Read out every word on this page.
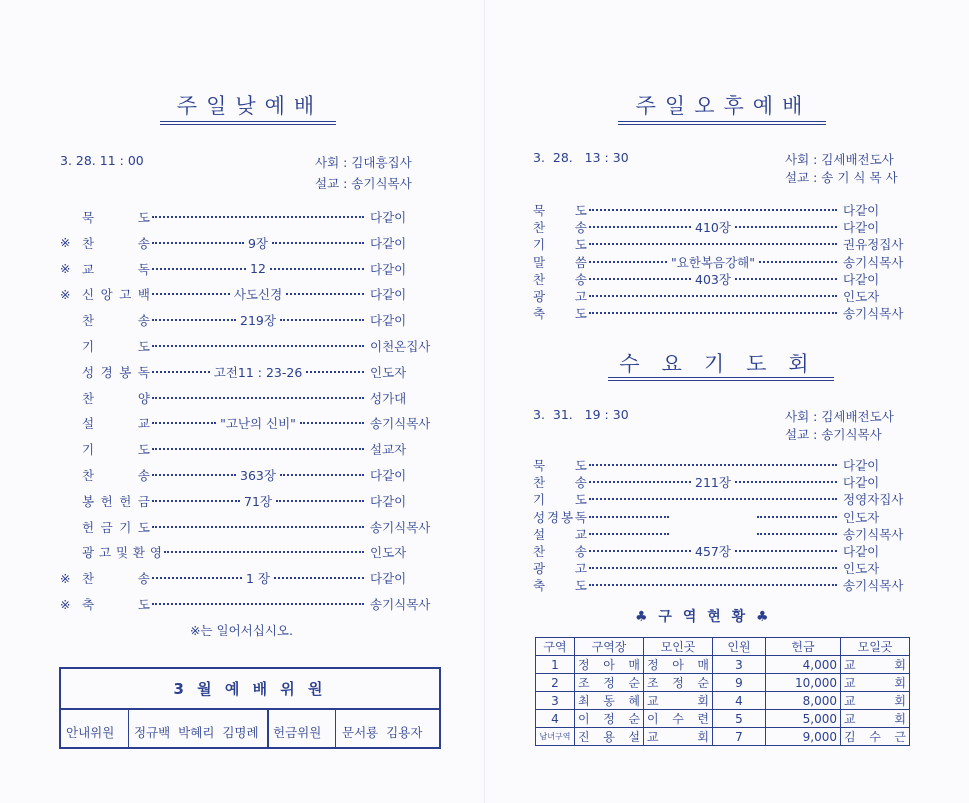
주일낮예배
3. 28. 11 : 00	사회 : 김대흥집사
설교 : 송기식목사
묵	도	다같이
※ 찬	송	9장	다같이
※ 교	독	12	다같이
※ 신 앙 고 백	사도신경	다같이
찬	송	219장	다같이
기	도	이천온집사
성 경 봉 독	고전11 : 23-26	인도자
찬	양	성가대
설	교	"고난의 신비"	송기식목사
기	도	설교자
찬	송	363장	다같이
봉 헌 헌 금	71장	다같이
헌 금 기 도	송기식목사
광 고 및 환 영	인도자
※ 찬	송	1 장	다같이
※ 축	도	송기식목사
※는 일어서십시오.
3 월 예 배 위 원
안내위원 정규백  박혜리  김명례 헌금위원 문서룡  김용자
주일오후예배
3.  28.   13 : 30	사회 : 김세배전도사
설교 : 송 기 식 목 사
묵 도	다같이
찬 송	410장	다같이
기 도	권유정집사
말 씀	"요한복음강해"	송기식목사
찬 송	403장	다같이
광 고	인도자
축 도	송기식목사
수요기도회
3.  31.   19 : 30	사회 : 김세배전도사
설교 : 송기식목사
묵 도	다같이
찬 송	211장	다같이
기 도	정영자집사
성 경 봉 독	인도자
설 교	송기식목사
찬 송	457장	다같이
광 고	인도자
축 도	송기식목사
♣ 구 역 현 황 ♣
구역	구역장	모인곳	인원	헌금	모일곳
1	정 아 매	정 아 매	3	4,000	교 회

2	조 정 순	조 정 순	9	10,000	교 회

3	최 동 혜	교 회	4	8,000	교 회

4	이 정 순	이 수 련	5	5,000	교 회

남녀구역	진 용 설	교 회	7	9,000	김 수 근
